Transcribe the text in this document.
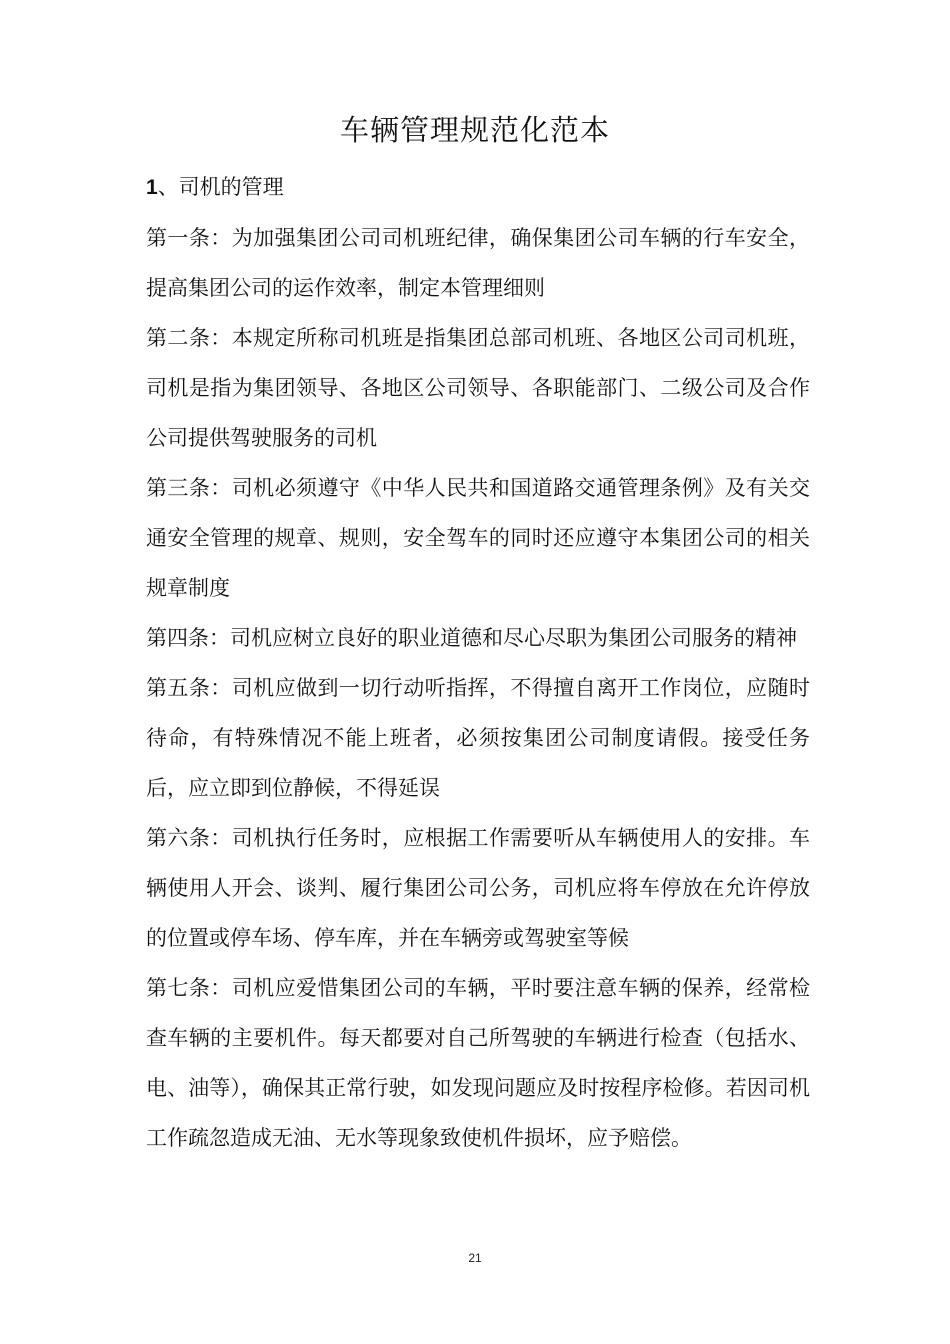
车辆管理规范化范本
1、司机的管理

第一条：为加强集团公司司机班纪律，确保集团公司车辆的行车安全，提高集团公司的运作效率，制定本管理细则

第二条：本规定所称司机班是指集团总部司机班、各地区公司司机班，司机是指为集团领导、各地区公司领导、各职能部门、二级公司及合作公司提供驾驶服务的司机

第三条：司机必须遵守《中华人民共和国道路交通管理条例》及有关交通安全管理的规章、规则，安全驾车的同时还应遵守本集团公司的相关规章制度

第四条：司机应树立良好的职业道德和尽心尽职为集团公司服务的精神

第五条：司机应做到一切行动听指挥，不得擅自离开工作岗位，应随时待命，有特殊情况不能上班者，必须按集团公司制度请假。接受任务后，应立即到位静候，不得延误

第六条：司机执行任务时，应根据工作需要听从车辆使用人的安排。车辆使用人开会、谈判、履行集团公司公务，司机应将车停放在允许停放的位置或停车场、停车库，并在车辆旁或驾驶室等候

第七条：司机应爱惜集团公司的车辆，平时要注意车辆的保养，经常检查车辆的主要机件。每天都要对自己所驾驶的车辆进行检查（包括水、电、油等），确保其正常行驶，如发现问题应及时按程序检修。若因司机工作疏忽造成无油、无水等现象致使机件损坏，应予赔偿。

21
